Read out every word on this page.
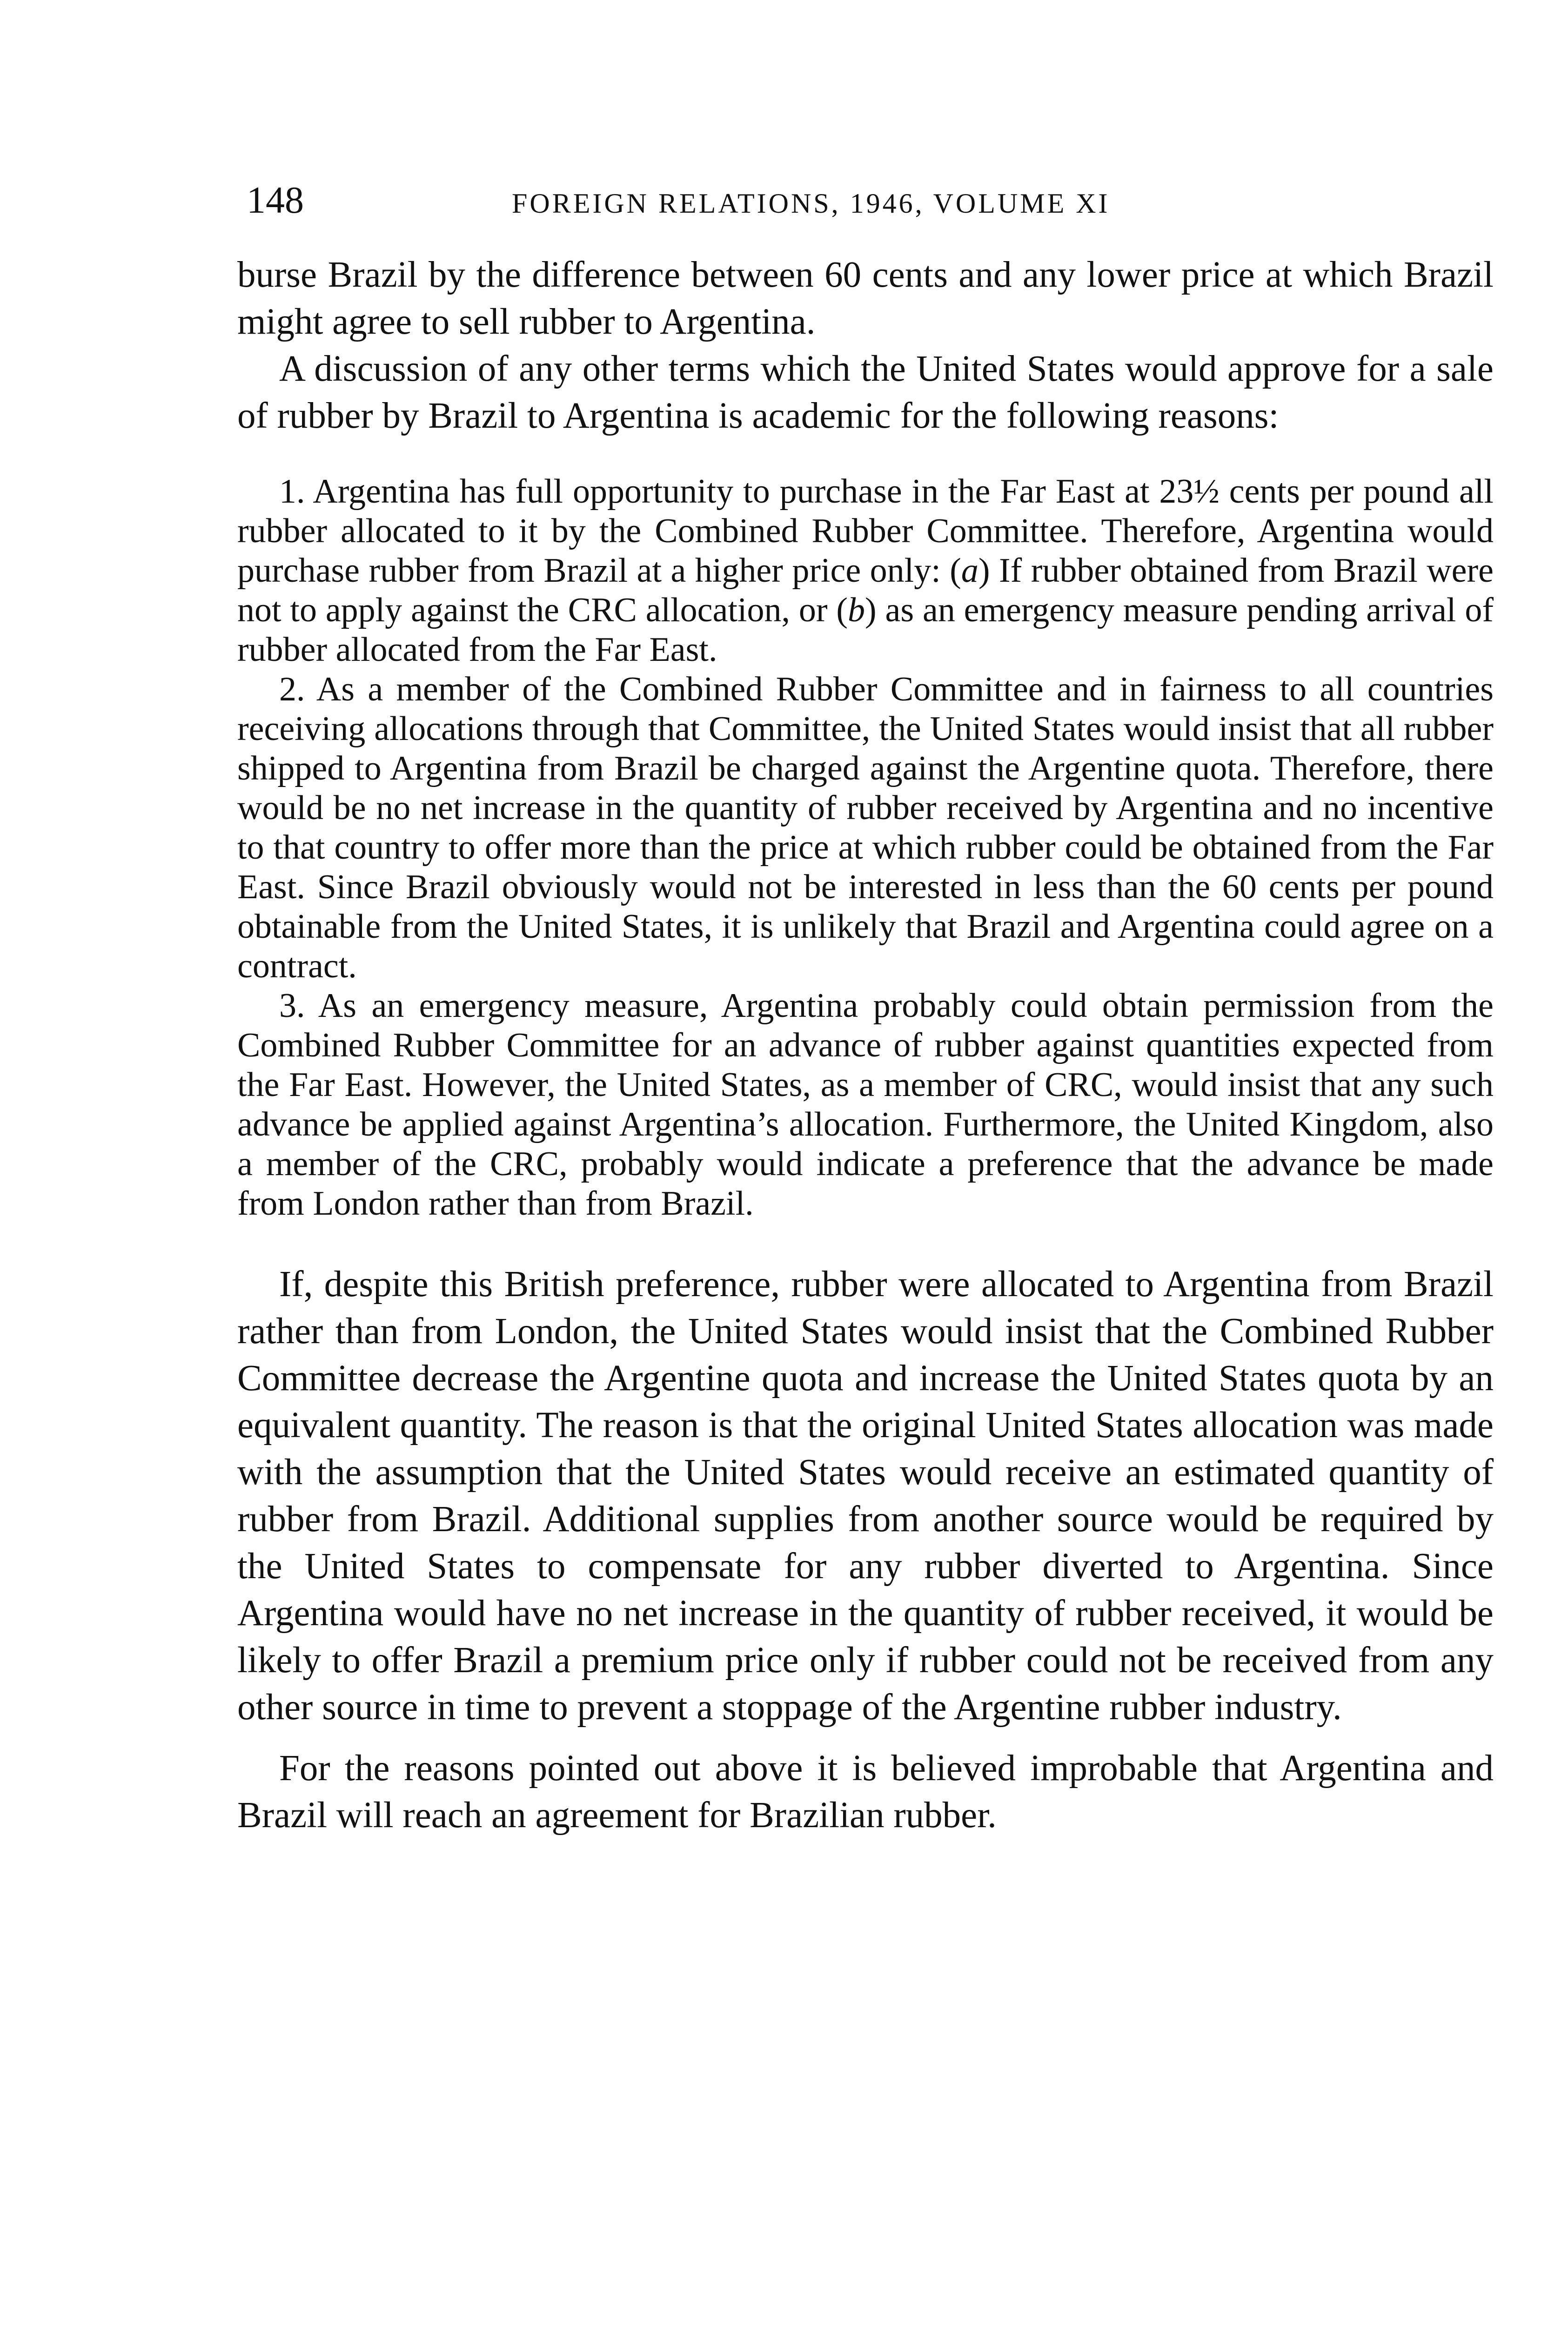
148	FOREIGN RELATIONS, 1946, VOLUME XI

burse Brazil by the difference between 60 cents and any lower price at which Brazil might agree to sell rubber to Argentina.

A discussion of any other terms which the United States would approve for a sale of rubber by Brazil to Argentina is academic for the following reasons:

1. Argentina has full opportunity to purchase in the Far East at 23½ cents per pound all rubber allocated to it by the Combined Rubber Committee. Therefore, Argentina would purchase rubber from Brazil at a higher price only: (a) If rubber obtained from Brazil were not to apply against the CRC allocation, or (b) as an emergency measure pending arrival of rubber allocated from the Far East.

2. As a member of the Combined Rubber Committee and in fairness to all countries receiving allocations through that Committee, the United States would insist that all rubber shipped to Argentina from Brazil be charged against the Argentine quota. Therefore, there would be no net increase in the quantity of rubber received by Argentina and no incentive to that country to offer more than the price at which rubber could be obtained from the Far East. Since Brazil obviously would not be interested in less than the 60 cents per pound obtainable from the United States, it is unlikely that Brazil and Argentina could agree on a contract.

3. As an emergency measure, Argentina probably could obtain permission from the Combined Rubber Committee for an advance of rubber against quantities expected from the Far East. However, the United States, as a member of CRC, would insist that any such advance be applied against Argentina’s allocation. Furthermore, the United Kingdom, also a member of the CRC, probably would indicate a preference that the advance be made from London rather than from Brazil.

If, despite this British preference, rubber were allocated to Argentina from Brazil rather than from London, the United States would insist that the Combined Rubber Committee decrease the Argentine quota and increase the United States quota by an equivalent quantity. The reason is that the original United States allocation was made with the assumption that the United States would receive an estimated quantity of rubber from Brazil. Additional supplies from another source would be required by the United States to compensate for any rubber diverted to Argentina. Since Argentina would have no net increase in the quantity of rubber received, it would be likely to offer Brazil a premium price only if rubber could not be received from any other source in time to prevent a stoppage of the Argentine rubber industry.

For the reasons pointed out above it is believed improbable that Argentina and Brazil will reach an agreement for Brazilian rubber.
